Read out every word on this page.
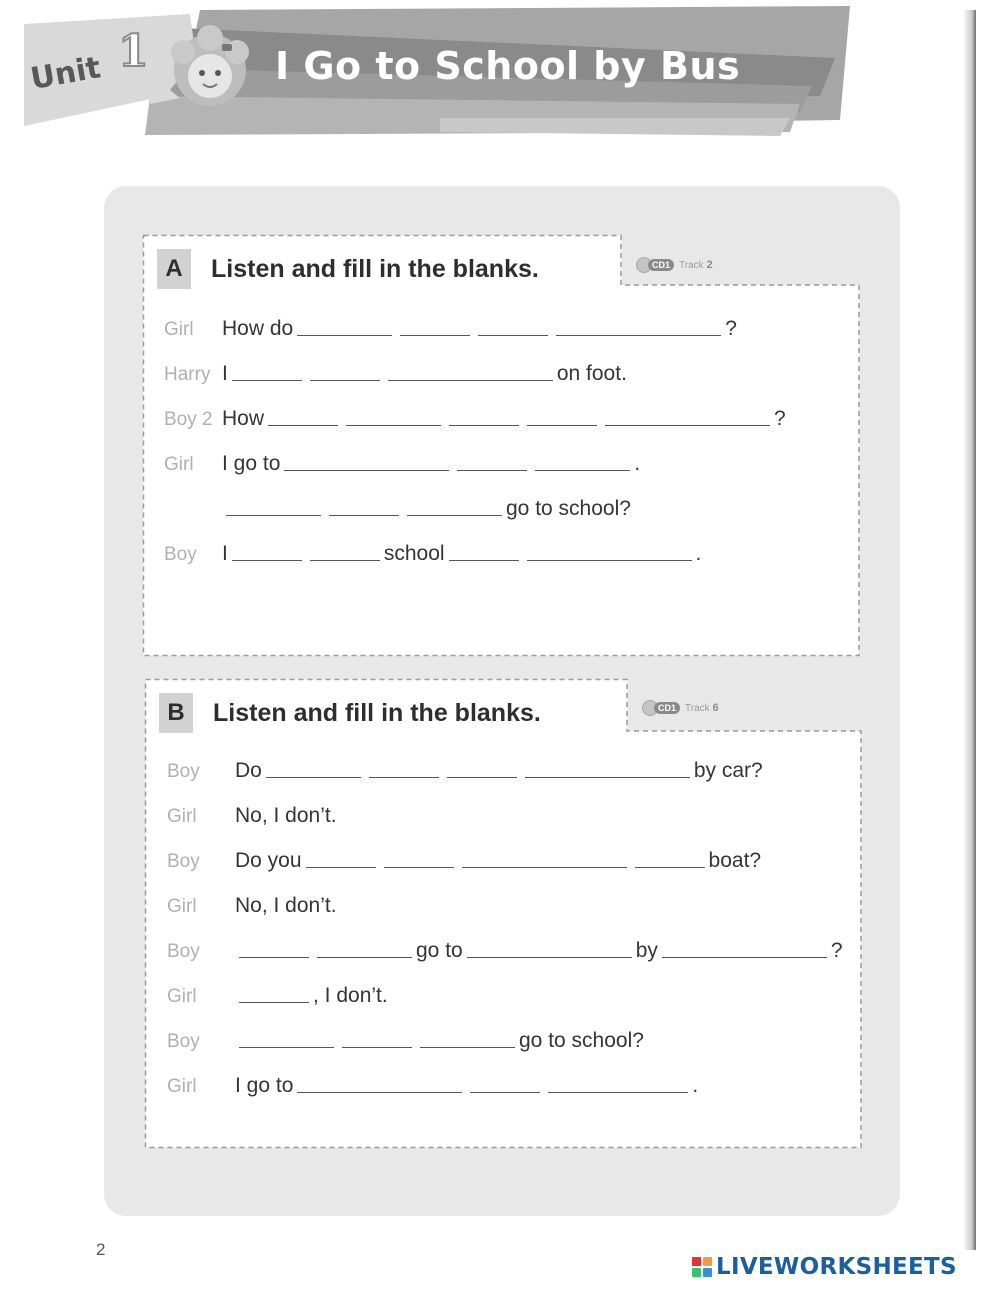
Unit 1	I Go to School by Bus
A	Listen and fill in the blanks.	CD1 Track 2
Girl	How do	?
Harry I	on foot.
Boy 2 How	?
Girl	I go to	.
go to school?
Boy	I	school	.
B	Listen and fill in the blanks.	CD1 Track 6
Boy	Do	by car?
Girl	No, I don’t.
Boy	Do you	boat?
Girl	No, I don’t.
Boy	go to	by	?
Girl	, I don’t.
Boy	go to school?
Girl	I go to	.
2
LIVEWORKSHEETS
